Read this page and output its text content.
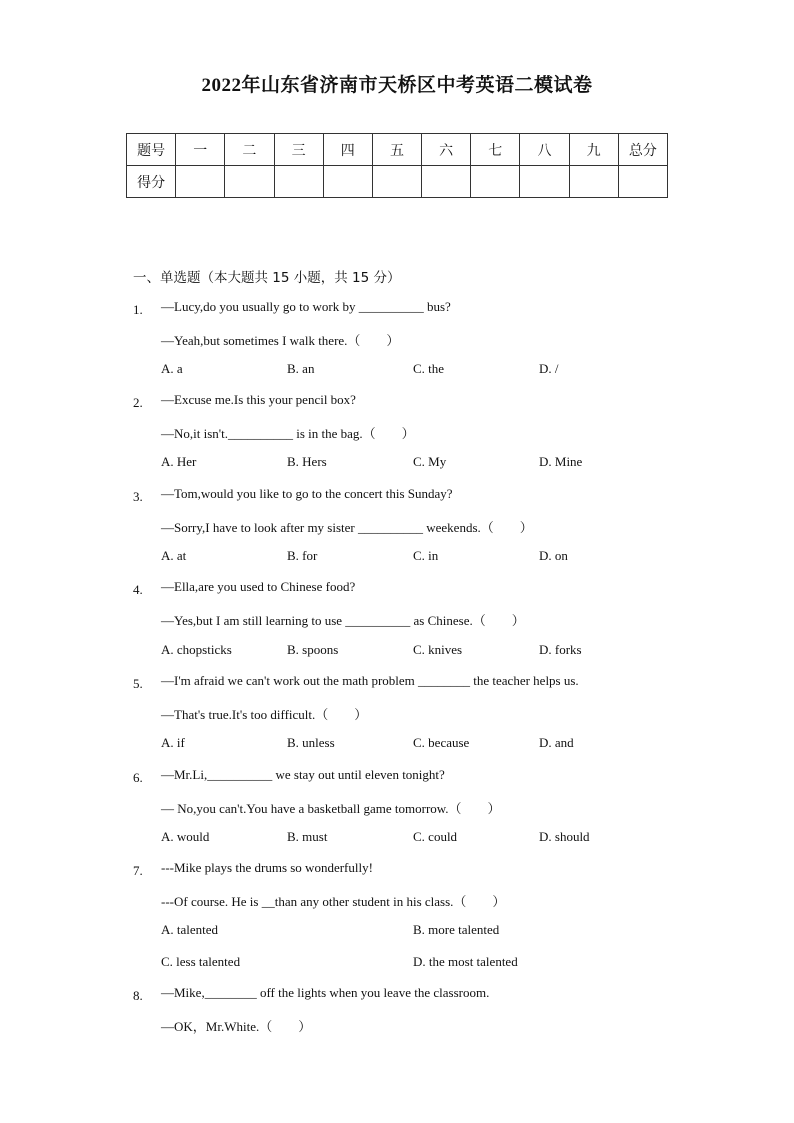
2022年山东省济南市天桥区中考英语二模试卷
题号	一	二	三	四	五	六	七	八	九	总分
得分										
一、单选题（本大题共 15 小题，共 15 分）
1. —Lucy,do you usually go to work by __________ bus?
—Yeah,but sometimes I walk there.（　　）
A. a	B. an	C. the	D. /
2. —Excuse me.Is this your pencil box?
—No,it isn't.__________ is in the bag.（　　）
A. Her	B. Hers	C. My	D. Mine
3. —Tom,would you like to go to the concert this Sunday?
—Sorry,I have to look after my sister __________ weekends.（　　）
A. at	B. for	C. in	D. on
4. —Ella,are you used to Chinese food?
—Yes,but I am still learning to use __________ as Chinese.（　　）
A. chopsticks	B. spoons	C. knives	D. forks
5. —I'm afraid we can't work out the math problem ________ the teacher helps us.
—That's true.It's too difficult.（　　）
A. if	B. unless	C. because	D. and
6. —Mr.Li,__________ we stay out until eleven tonight?
— No,you can't.You have a basketball game tomorrow.（　　）
A. would	B. must	C. could	D. should
7. ---Mike plays the drums so wonderfully!
---Of course. He is __than any other student in his class.（　　）
A. talented	B. more talented
C. less talented	D. the most talented
8. —Mike,________ off the lights when you leave the classroom.
—OK，Mr.White.（　　）
